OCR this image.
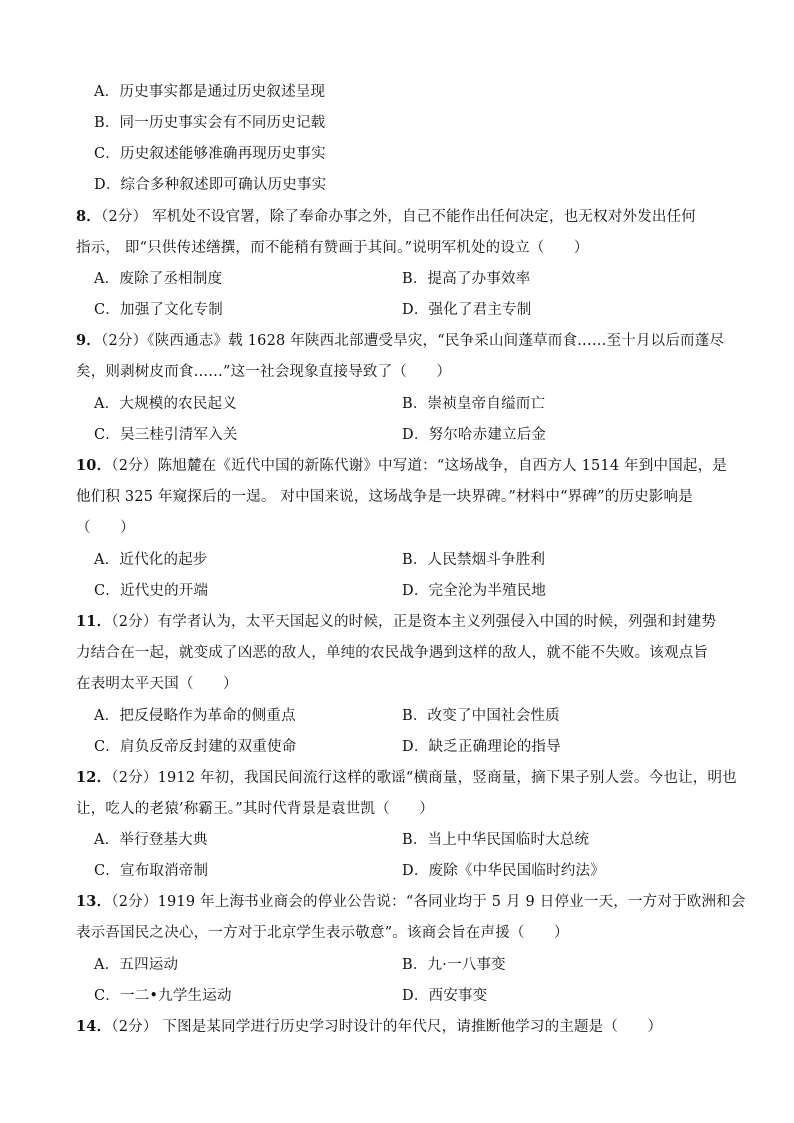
A．历史事实都是通过历史叙述呈现
B．同一历史事实会有不同历史记载
C．历史叙述能够准确再现历史事实
D．综合多种叙述即可确认历史事实
8．（2分） 军机处不设官署，除了奉命办事之外，自己不能作出任何决定，也无权对外发出任何
指示， 即“只供传述缮撰，而不能稍有赞画于其间。”说明军机处的设立（　　）
A．废除了丞相制度	B．提高了办事效率
C．加强了文化专制	D．强化了君主专制
9．（2分）《陕西通志》载 1628 年陕西北部遭受旱灾，“民争采山间蓬草而食……至十月以后而蓬尽
矣，则剥树皮而食……”这一社会现象直接导致了（　　）
A．大规模的农民起义	B．崇祯皇帝自缢而亡
C．吴三桂引清军入关	D．努尔哈赤建立后金
10．（2分）陈旭麓在《近代中国的新陈代谢》中写道：“这场战争，自西方人 1514 年到中国起，是
他们积 325 年窥探后的一逞。 对中国来说，这场战争是一块界碑。”材料中“界碑”的历史影响是
（　　）
A．近代化的起步	B．人民禁烟斗争胜利
C．近代史的开端	D．完全沦为半殖民地
11．（2分）有学者认为，太平天国起义的时候，正是资本主义列强侵入中国的时候，列强和封建势
力结合在一起，就变成了凶恶的敌人，单纯的农民战争遇到这样的敌人，就不能不失败。该观点旨
在表明太平天国（　　）
A．把反侵略作为革命的侧重点	B．改变了中国社会性质
C．肩负反帝反封建的双重使命	D．缺乏正确理论的指导
12．（2分）1912 年初，我国民间流行这样的歌谣“横商量，竖商量，摘下果子别人尝。今也让，明也
让，吃人的老猿’称霸王。”其时代背景是袁世凯（　　）
A．举行登基大典	B．当上中华民国临时大总统
C．宣布取消帝制	D．废除《中华民国临时约法》
13．（2分）1919 年上海书业商会的停业公告说：“各同业均于 5 月 9 日停业一天，一方对于欧洲和会
表示吾国民之决心，一方对于北京学生表示敬意”。该商会旨在声援（　　）
A．五四运动	B．九·一八事变
C．一二•九学生运动	D．西安事变
14．（2分） 下图是某同学进行历史学习时设计的年代尺，请推断他学习的主题是（　　）
